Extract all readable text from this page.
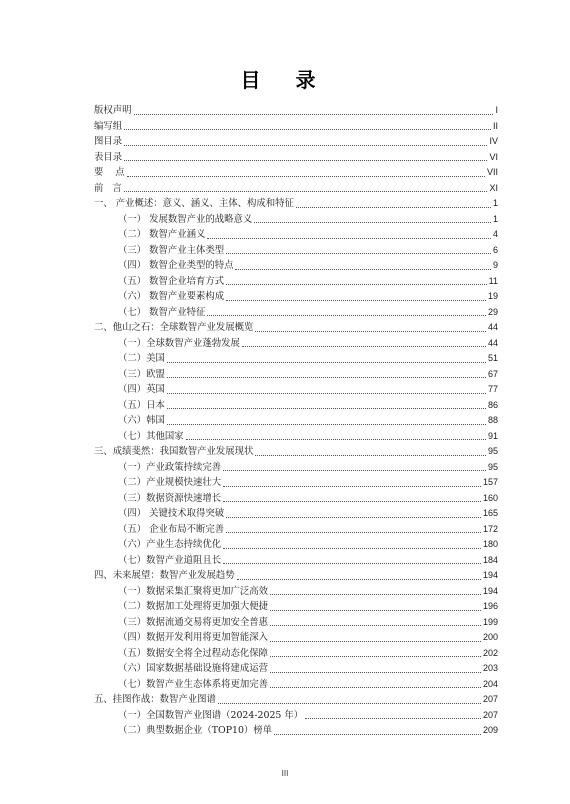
目 录
版权声明	I
编写组	II
图目录	IV
表目录	VI
要    点	VII
前   言	XI
一、 产业概述：意义、涵义、主体、构成和特征	1
（一） 发展数智产业的战略意义	1
（二） 数智产业涵义	4
（三） 数智产业主体类型	6
（四） 数智企业类型的特点	9
（五） 数智企业培育方式	11
（六） 数智产业要素构成	19
（七） 数智产业特征	29
二、他山之石：全球数智产业发展概览	44
（一）全球数智产业蓬勃发展	44
（二）美国	51
（三）欧盟	67
（四）英国	77
（五）日本	86
（六）韩国	88
（七）其他国家	91
三、成绩斐然：我国数智产业发展现状	95
（一）产业政策持续完善	95
（二）产业规模快速壮大	157
（三）数据资源快速增长	160
（四） 关键技术取得突破	165
（五） 企业布局不断完善	172
（六）产业生态持续优化	180
（七）数智产业道阻且长	184
四、未来展望：数智产业发展趋势	194
（一）数据采集汇聚将更加广泛高效	194
（二）数据加工处理将更加强大便捷	196
（三）数据流通交易将更加安全普惠	199
（四）数据开发利用将更加智能深入	200
（五）数据安全将全过程动态化保障	202
（六）国家数据基础设施将建成运营	203
（七）数智产业生态体系将更加完善	204
五、挂图作战：数智产业图谱	207
（一）全国数智产业图谱（2024-2025 年）	207
（二）典型数据企业（TOP10）榜单	209
III
